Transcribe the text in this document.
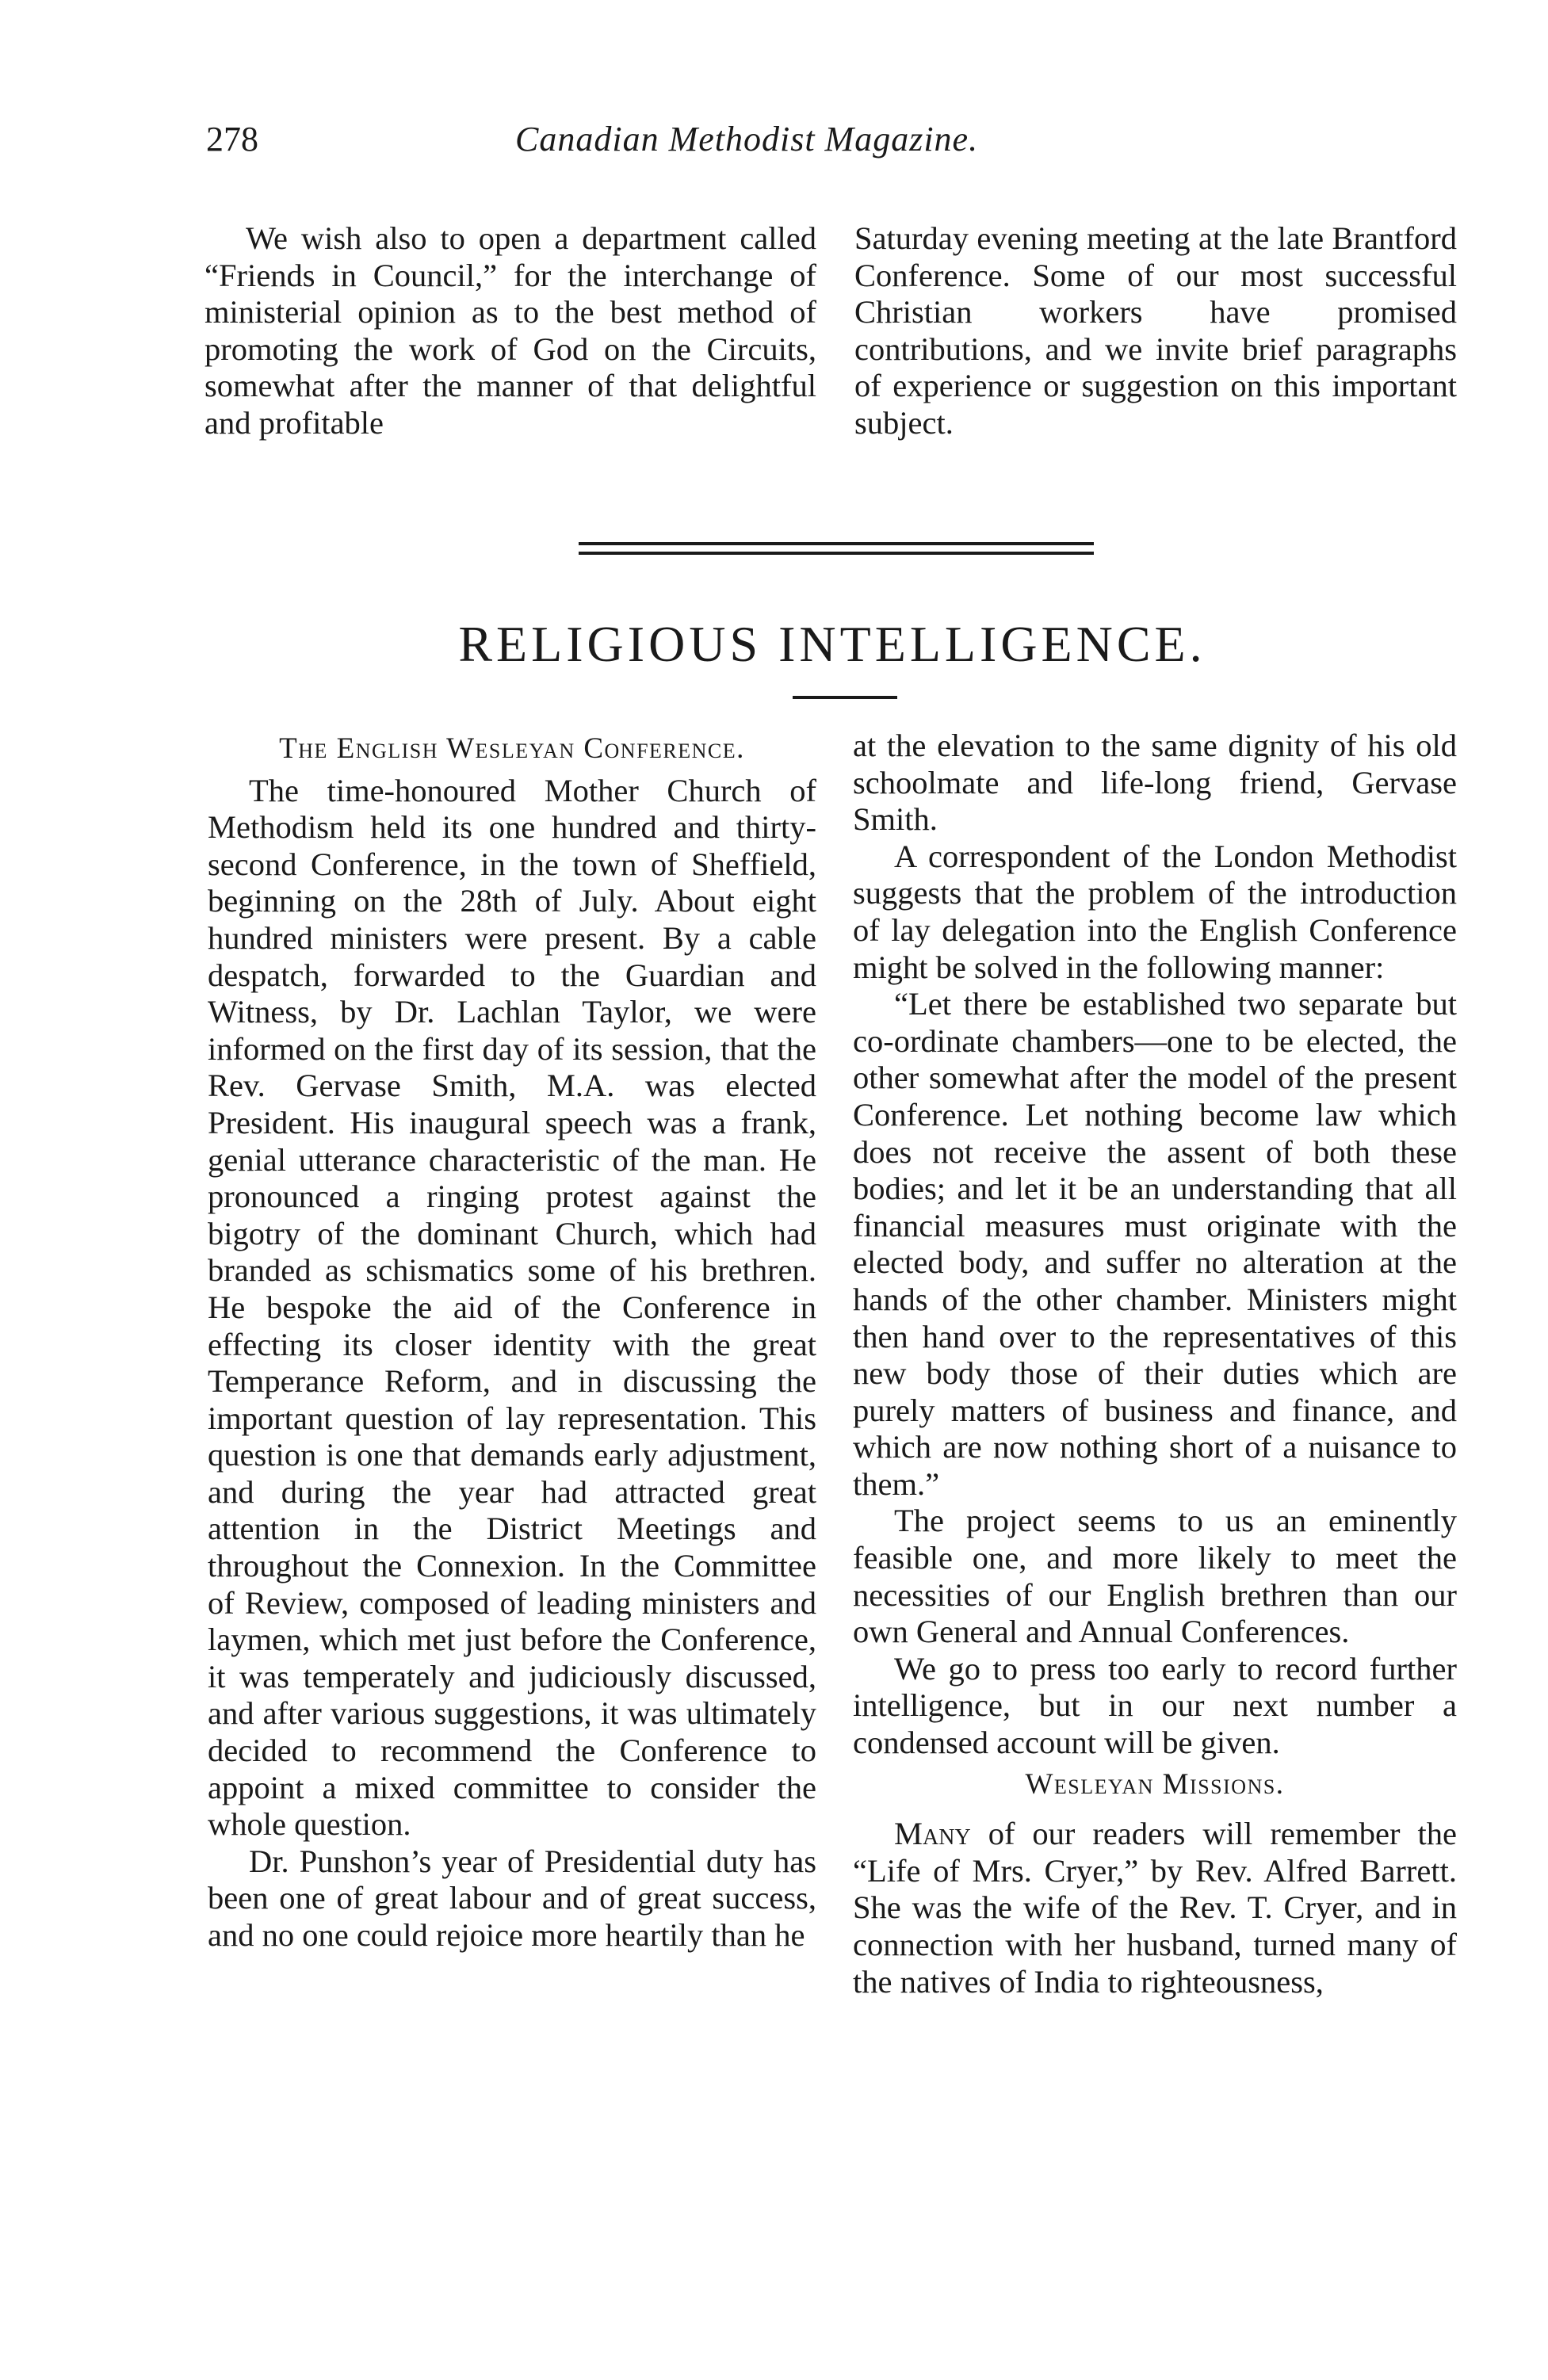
278	Canadian Methodist Magazine.

We wish also to open a department called “Friends in Council,” for the interchange of ministerial opinion as to the best method of promoting the work of God on the Circuits, somewhat after the manner of that delightful and profitable

Saturday evening meeting at the late Brantford Conference. Some of our most successful Christian workers have promised contributions, and we invite brief paragraphs of experience or suggestion on this important subject.

RELIGIOUS INTELLIGENCE.
The English Wesleyan Conference.

The time-honoured Mother Church of Methodism held its one hundred and thirty-second Conference, in the town of Sheffield, beginning on the 28th of July. About eight hundred ministers were present. By a cable despatch, forwarded to the Guardian and Witness, by Dr. Lachlan Taylor, we were informed on the first day of its session, that the Rev. Gervase Smith, M.A. was elected President. His inaugural speech was a frank, genial utterance characteristic of the man. He pronounced a ringing protest against the bigotry of the dominant Church, which had branded as schismatics some of his brethren. He bespoke the aid of the Conference in effecting its closer identity with the great Temperance Reform, and in discussing the important question of lay representation. This question is one that demands early adjustment, and during the year had attracted great attention in the District Meetings and throughout the Connexion. In the Committee of Review, composed of leading ministers and laymen, which met just before the Conference, it was temperately and judiciously discussed, and after various suggestions, it was ultimately decided to recommend the Conference to appoint a mixed committee to consider the whole question.

Dr. Punshon’s year of Presidential duty has been one of great labour and of great success, and no one could rejoice more heartily than he

at the elevation to the same dignity of his old schoolmate and life-long friend, Gervase Smith.

A correspondent of the London Methodist suggests that the problem of the introduction of lay delegation into the English Conference might be solved in the following manner:

“Let there be established two separate but co-ordinate chambers—one to be elected, the other somewhat after the model of the present Conference. Let nothing become law which does not receive the assent of both these bodies; and let it be an understanding that all financial measures must originate with the elected body, and suffer no alteration at the hands of the other chamber. Ministers might then hand over to the representatives of this new body those of their duties which are purely matters of business and finance, and which are now nothing short of a nuisance to them.”

The project seems to us an eminently feasible one, and more likely to meet the necessities of our English brethren than our own General and Annual Conferences.

We go to press too early to record further intelligence, but in our next number a condensed account will be given.

Wesleyan Missions.

Many of our readers will remember the “Life of Mrs. Cryer,” by Rev. Alfred Barrett. She was the wife of the Rev. T. Cryer, and in connection with her husband, turned many of the natives of India to righteousness,
